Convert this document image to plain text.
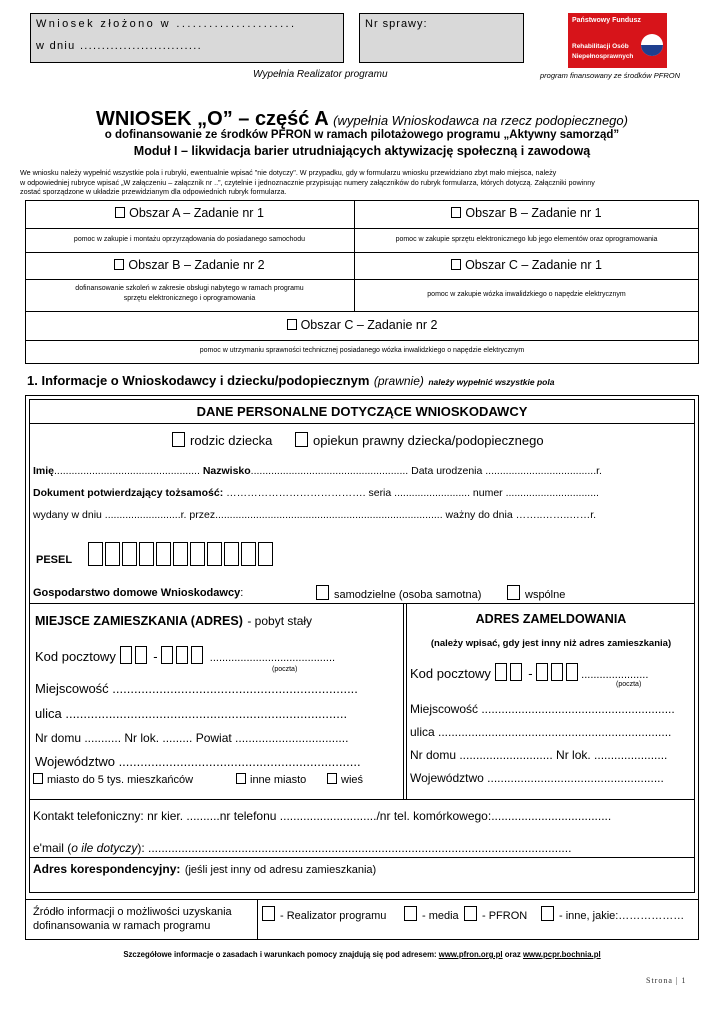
Wniosek złożono w ......................
w dniu ............................
Nr sprawy:	Państwowy Fundusz
Rehabilitacji Osób
Niepełnosprawnych
Wypełnia Realizator programu	program finansowany ze środków PFRON
WNIOSEK „O” – część A (wypełnia Wnioskodawca na rzecz podopiecznego)
o dofinansowanie ze środków PFRON w ramach pilotażowego programu „Aktywny samorząd”
Moduł I – likwidacja barier utrudniających aktywizację społeczną i zawodową
We wniosku należy wypełnić wszystkie pola i rubryki, ewentualnie wpisać "nie dotyczy". W przypadku, gdy w formularzu wniosku przewidziano zbyt mało miejsca, należy
w odpowiedniej rubryce wpisać „W załączeniu – załącznik nr ..”, czytelnie i jednoznacznie przypisując numery załączników do rubryk formularza, których dotyczą. Załączniki powinny
zostać sporządzone w układzie przewidzianym dla odpowiednich rubryk formularza.
Obszar A – Zadanie nr 1
pomoc w zakupie i montażu oprzyrządowania do posiadanego samochodu
Obszar B – Zadanie nr 1
pomoc w zakupie sprzętu elektronicznego lub jego elementów oraz oprogramowania
Obszar B – Zadanie nr 2
dofinansowanie szkoleń w zakresie obsługi nabytego w ramach programu
sprzętu elektronicznego i oprogramowania
Obszar C – Zadanie nr 1
pomoc w zakupie wózka inwalidzkiego o napędzie elektrycznym
Obszar C – Zadanie nr 2
pomoc w utrzymaniu sprawności technicznej posiadanego wózka inwalidzkiego o napędzie elektrycznym
1. Informacje o Wnioskodawcy i dziecku/podopiecznym (prawnie) należy wypełnić wszystkie pola
DANE PERSONALNE DOTYCZĄCE WNIOSKODAWCY
rodzic dziecka	opiekun prawny dziecka/podopiecznego
Imię.................................................. Nazwisko...................................................... Data urodzenia ......................................r.
Dokument potwierdzający tożsamość: …………………………………. seria .......................... numer ................................
wydany w dniu ..........................r. przez.............................................................................. ważny do dnia ……..……..……r.
PESEL
Gospodarstwo domowe Wnioskodawcy:	samodzielne (osoba samotna)	wspólne
MIEJSCE ZAMIESZKANIA (ADRES) - pobyt stały
Kod pocztowy	-	.........................................
(poczta)
Miejscowość ....................................................................
ulica ..............................................................................
Nr domu ........... Nr lok. ......... Powiat ..................................
Województwo ...................................................................
miasto do 5 tys. mieszkańców	inne miasto	wieś
ADRES ZAMELDOWANIA
(należy wpisać, gdy jest inny niż adres zamieszkania)
Kod pocztowy	-	......................
(poczta)
Miejscowość ..........................................................
ulica ......................................................................
Nr domu ............................ Nr lok. ......................
Województwo .....................................................
Kontakt telefoniczny: nr kier. ..........nr telefonu ............................./nr tel. komórkowego:....................................
e'mail (o ile dotyczy): ...............................................................................................................................
Adres korespondencyjny: (jeśli jest inny od adresu zamieszkania)
Źródło informacji o możliwości uzyskania
dofinansowania w ramach programu
- Realizator programu	- media	- PFRON	- inne, jakie:………………
Szczegółowe informacje o zasadach i warunkach pomocy znajdują się pod adresem: www.pfron.org.pl oraz www.pcpr.bochnia.pl
Strona | 1
